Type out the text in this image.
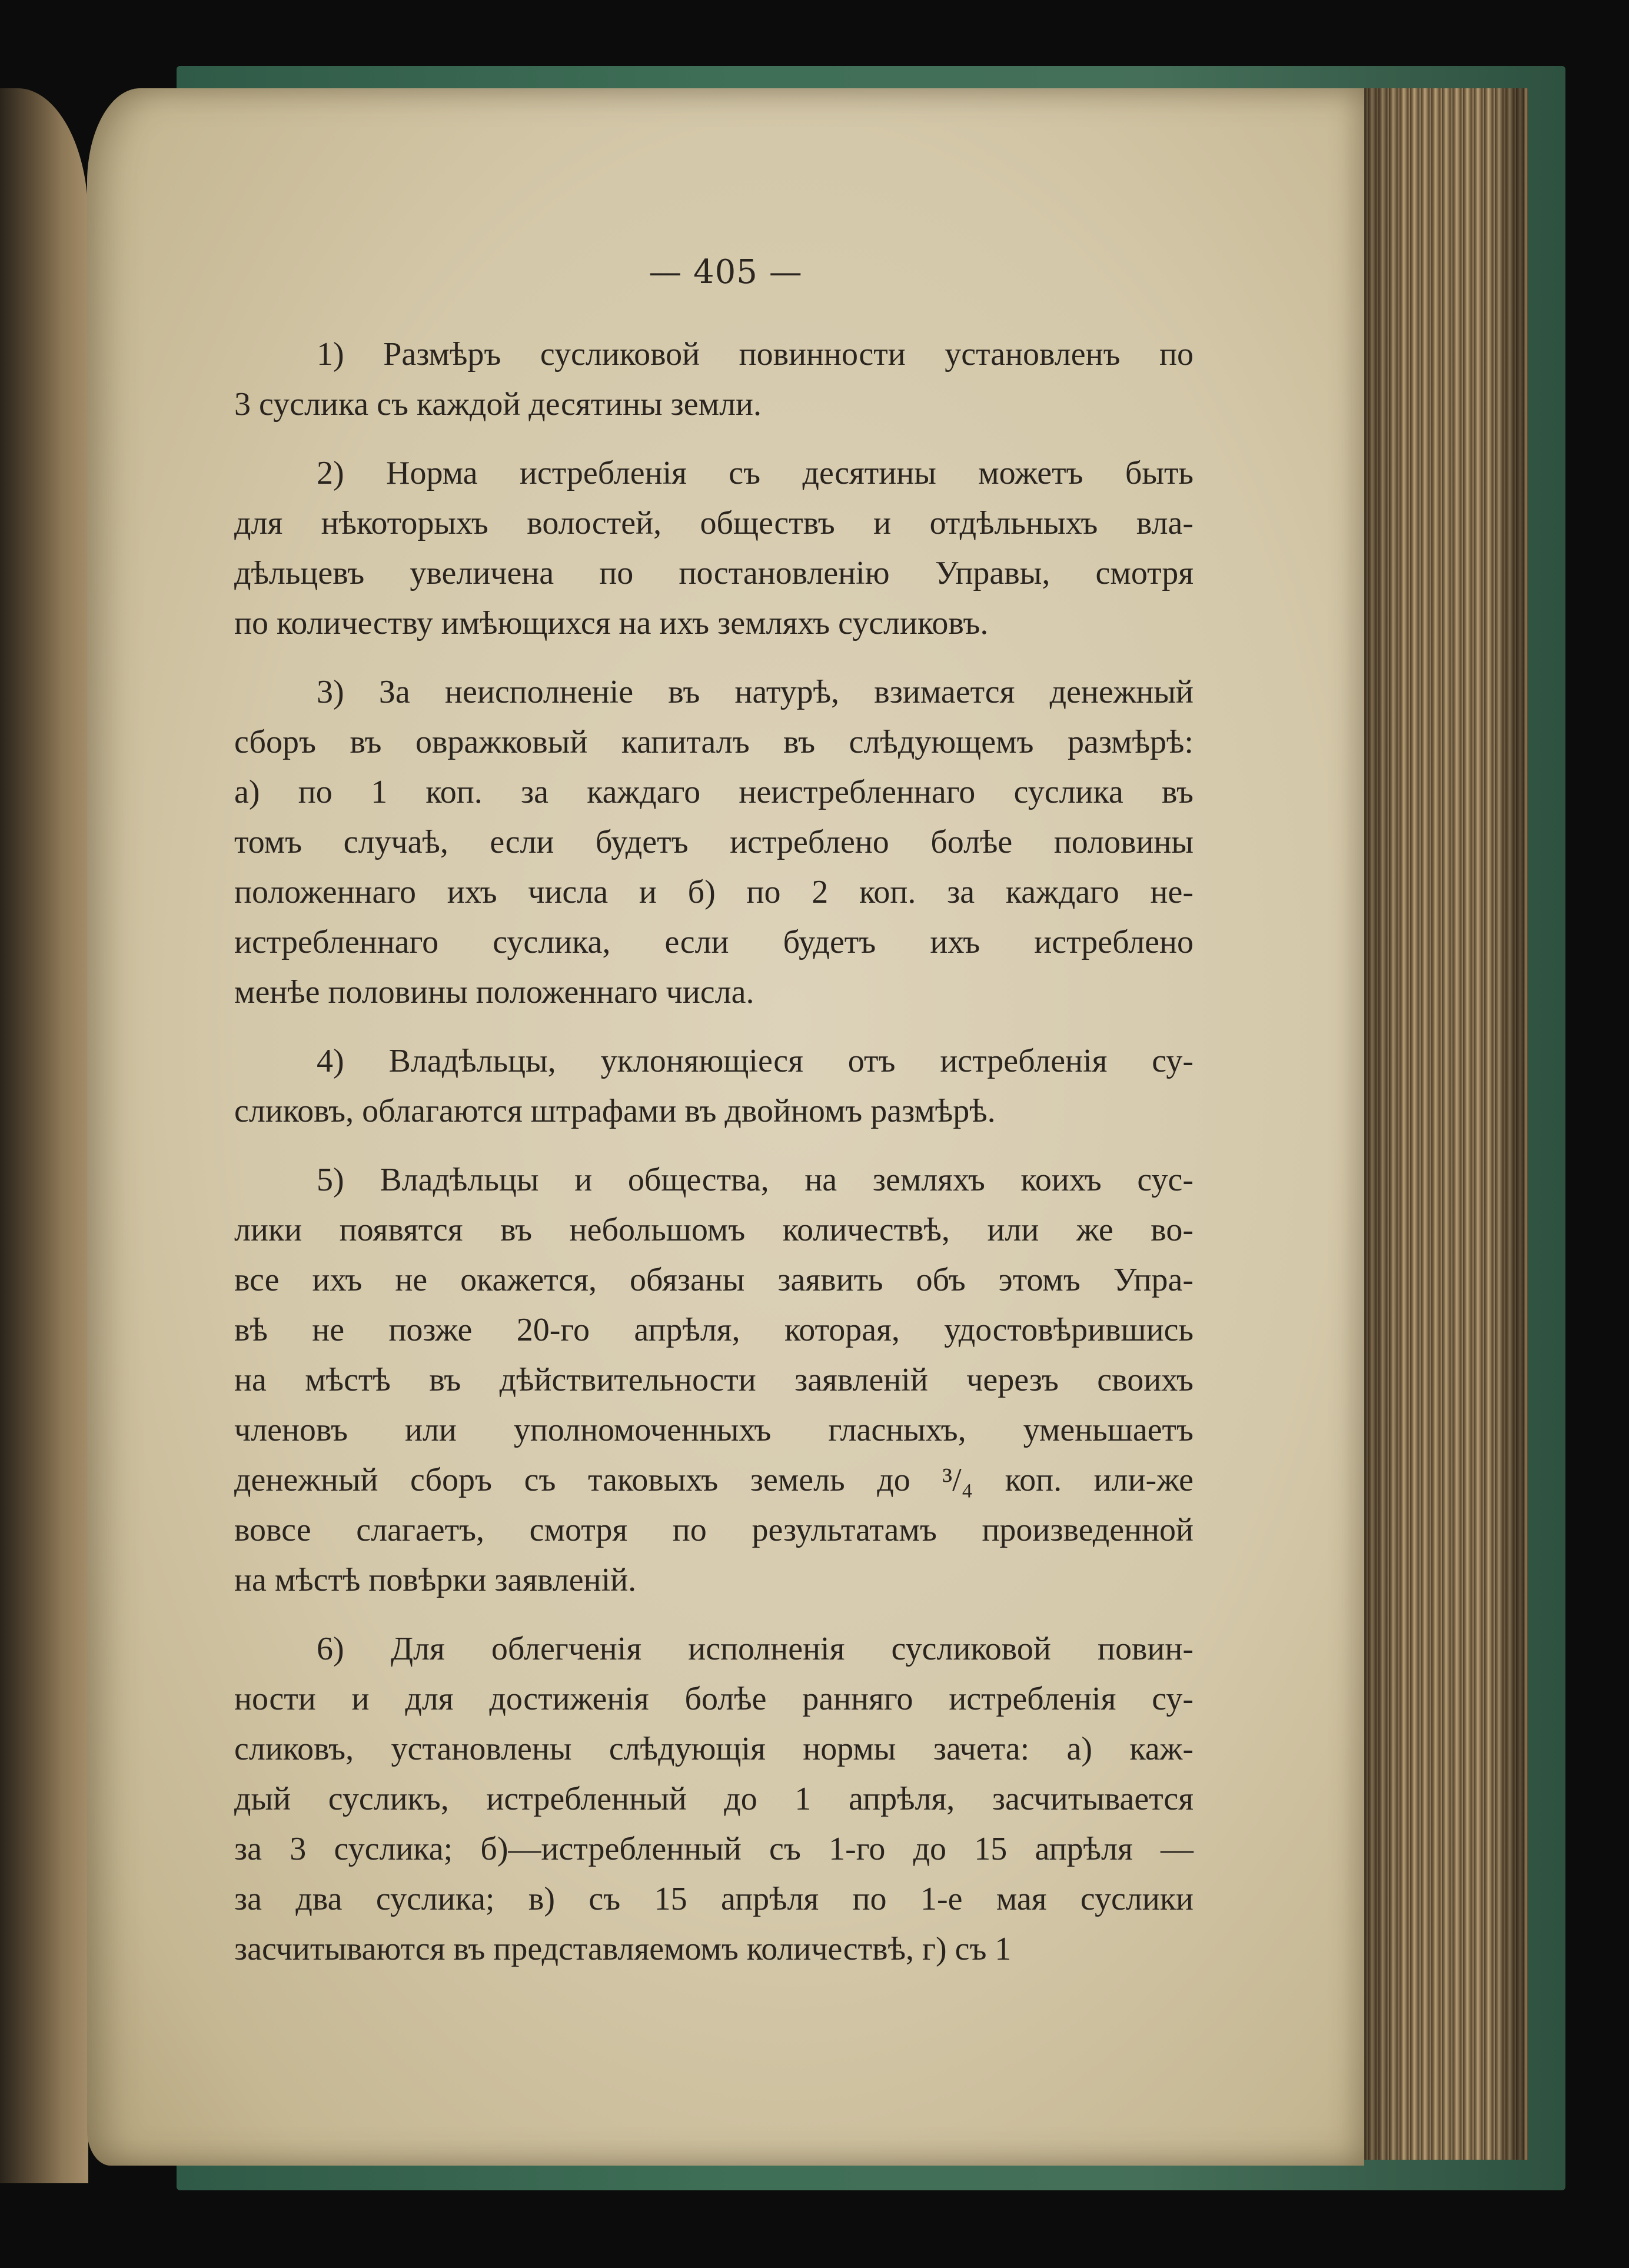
— 405 —
1) Размѣръ сусликовой повинности установленъ по
3 суслика съ каждой десятины земли.
2) Норма истребленія съ десятины можетъ быть
для нѣкоторыхъ волостей, обществъ и отдѣльныхъ вла-
дѣльцевъ увеличена по постановленію Управы, смотря
по количеству имѣющихся на ихъ земляхъ сусликовъ.
3) За неисполненіе въ натурѣ, взимается денежный
сборъ въ овражковый капиталъ въ слѣдующемъ размѣрѣ:
а) по 1 коп. за каждаго неистребленнаго суслика въ
томъ случаѣ, если будетъ истреблено болѣе половины
положеннаго ихъ числа и б) по 2 коп. за каждаго не-
истребленнаго суслика, если будетъ ихъ истреблено
менѣе половины положеннаго числа.
4) Владѣльцы, уклоняющіеся отъ истребленія су-
сликовъ, облагаются штрафами въ двойномъ размѣрѣ.
5) Владѣльцы и общества, на земляхъ коихъ сус-
лики появятся въ небольшомъ количествѣ, или же во-
все ихъ не окажется, обязаны заявить объ этомъ Упра-
вѣ не позже 20-го апрѣля, которая, удостовѣрившись
на мѣстѣ въ дѣйствительности заявленій черезъ своихъ
членовъ или уполномоченныхъ гласныхъ, уменьшаетъ
денежный сборъ съ таковыхъ земель до ³/₄ коп. или-же
вовсе слагаетъ, смотря по результатамъ произведенной
на мѣстѣ повѣрки заявленій.
6) Для облегченія исполненія сусликовой повин-
ности и для достиженія болѣе ранняго истребленія су-
сликовъ, установлены слѣдующія нормы зачета: а) каж-
дый сусликъ, истребленный до 1 апрѣля, засчитывается
за 3 суслика; б)—истребленный съ 1-го до 15 апрѣля —
за два суслика; в) съ 15 апрѣля по 1-е мая суслики
засчитываются въ представляемомъ количествѣ, г) съ 1
